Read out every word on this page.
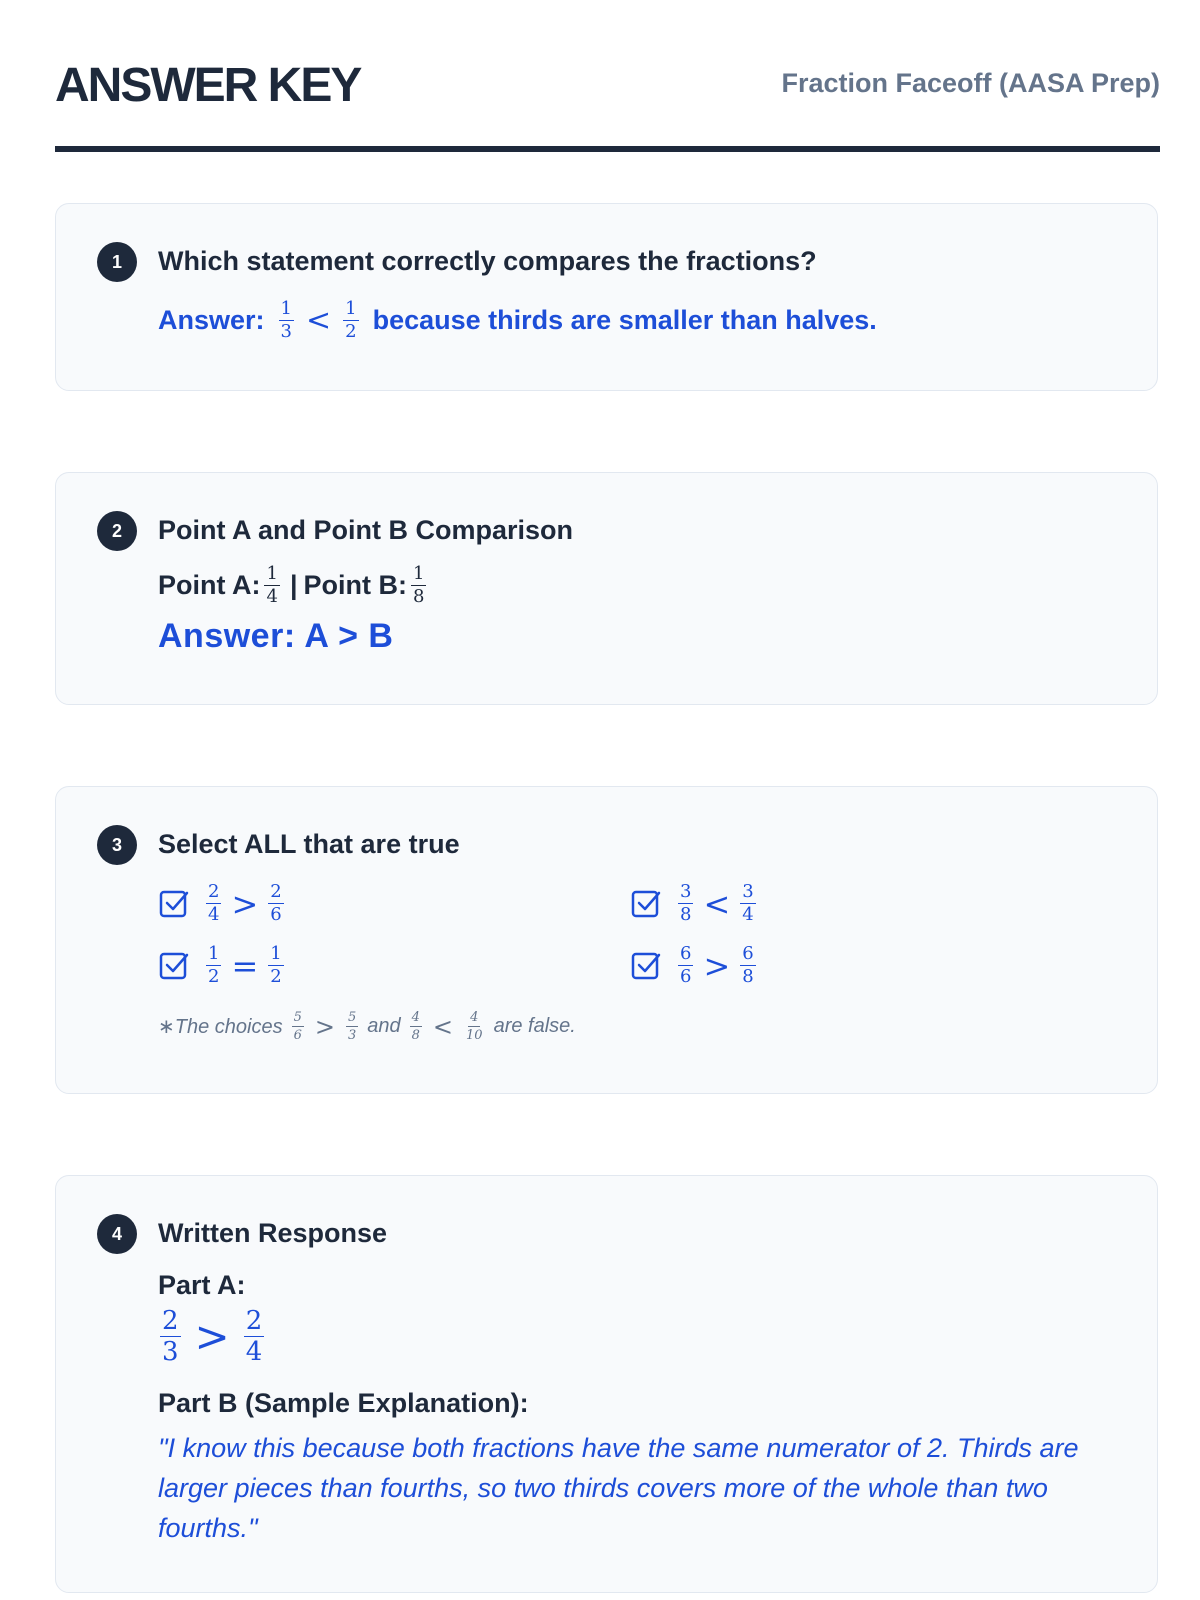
ANSWER KEY	Fraction Faceoff (AASA Prep)
1	Which statement correctly compares the fractions?
Answer: $\frac{1}{3} < \frac{1}{2}$ because thirds are smaller than halves.
2	Point A and Point B Comparison
Point A: $\frac{1}{4}$ | Point B: $\frac{1}{8}$
Answer: A > B
3	Select ALL that are true
$\frac{2}{4} > \frac{2}{6}$	$\frac{3}{8} < \frac{3}{4}$
$\frac{1}{2} = \frac{1}{2}$	$\frac{6}{6} > \frac{6}{8}$
∗The choices $\frac{5}{6} > \frac{5}{3}$ and $\frac{4}{8} < \frac{4}{10}$ are false.
4	Written Response
Part A:
$\frac{2}{3} > \frac{2}{4}$
Part B (Sample Explanation):
"I know this because both fractions have the same numerator of 2. Thirds are larger pieces than fourths, so two thirds covers more of the whole than two fourths."
